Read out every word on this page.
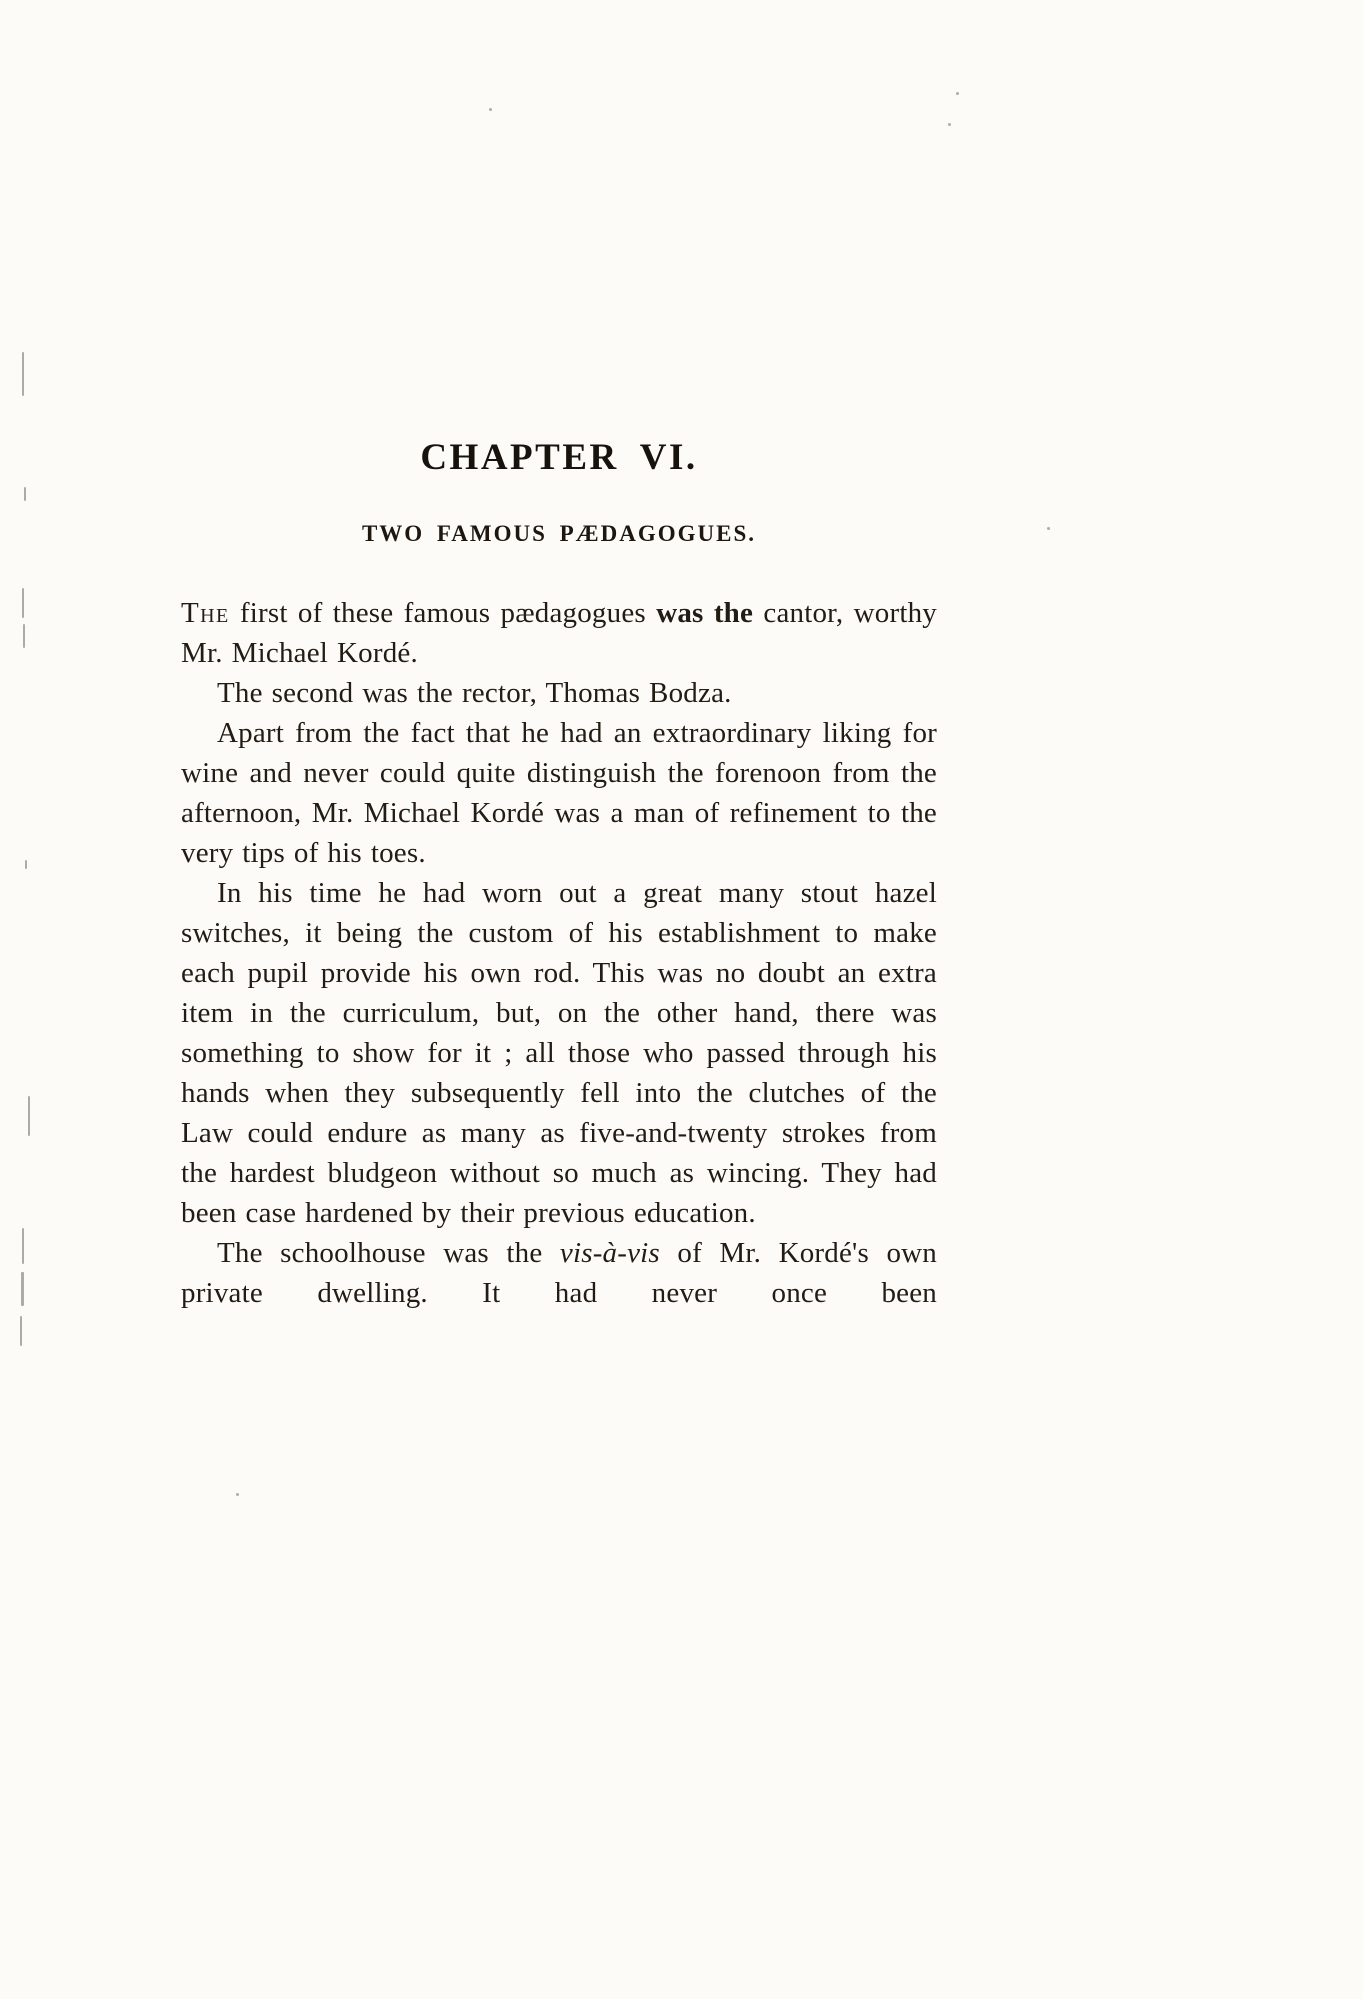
CHAPTER VI.
TWO FAMOUS PÆDAGOGUES.

The first of these famous pædagogues was the cantor, worthy Mr. Michael Kordé.

The second was the rector, Thomas Bodza.

Apart from the fact that he had an extraordinary liking for wine and never could quite distinguish the forenoon from the afternoon, Mr. Michael Kordé was a man of refinement to the very tips of his toes.

In his time he had worn out a great many stout hazel switches, it being the custom of his establishment to make each pupil provide his own rod. This was no doubt an extra item in the curriculum, but, on the other hand, there was something to show for it ; all those who passed through his hands when they subsequently fell into the clutches of the Law could endure as many as five-and-twenty strokes from the hardest bludgeon without so much as wincing. They had been case hardened by their previous education.

The schoolhouse was the vis-à-vis of Mr. Kordé's own private dwelling. It had never once been
